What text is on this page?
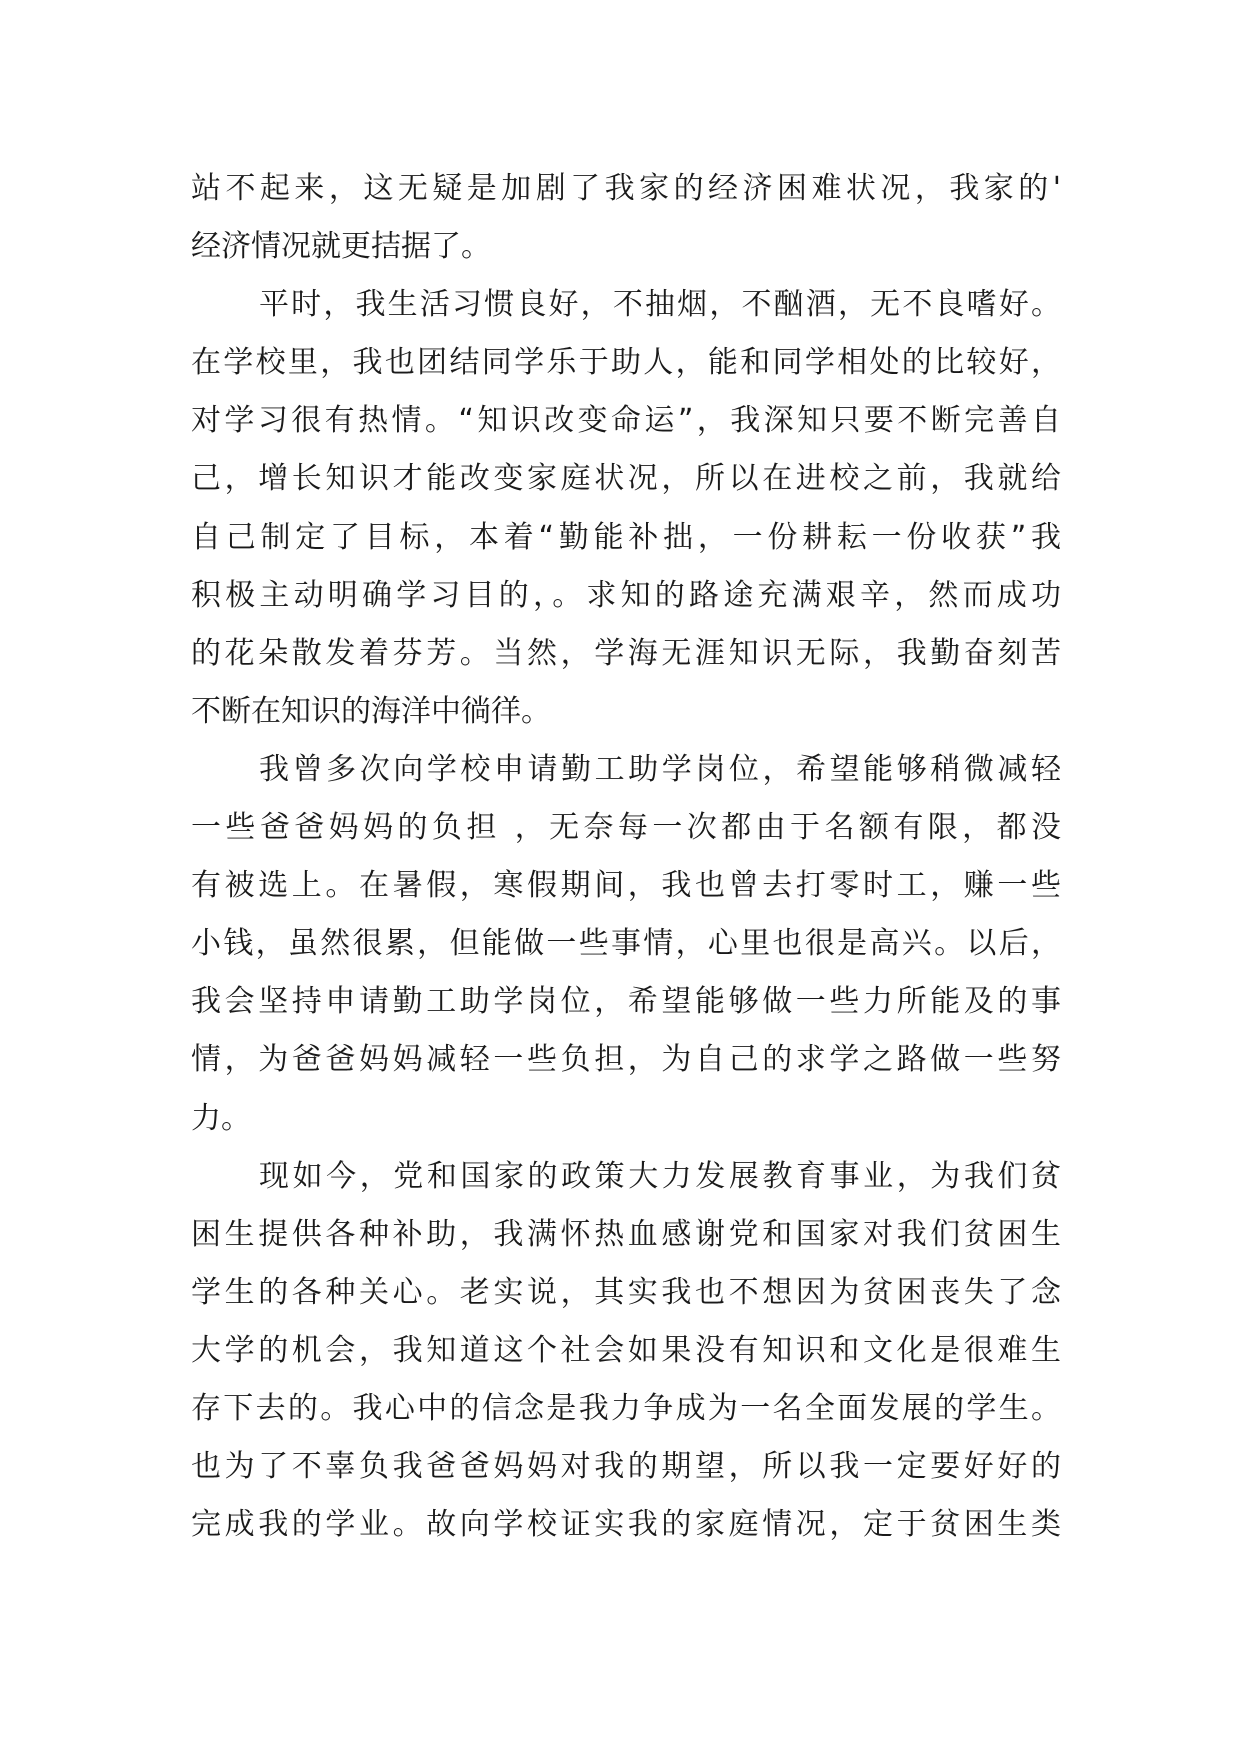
站不起来，这无疑是加剧了我家的经济困难状况，我家的'
经济情况就更拮据了。
平时，我生活习惯良好，不抽烟，不酗酒，无不良嗜好。
在学校里，我也团结同学乐于助人，能和同学相处的比较好，
对学习很有热情。“知识改变命运”，我深知只要不断完善自
己，增长知识才能改变家庭状况，所以在进校之前，我就给
自己制定了目标，本着“勤能补拙，一份耕耘一份收获”我
积极主动明确学习目的，。求知的路途充满艰辛，然而成功
的花朵散发着芬芳。当然，学海无涯知识无际，我勤奋刻苦
不断在知识的海洋中徜徉。
我曾多次向学校申请勤工助学岗位，希望能够稍微减轻
一些爸爸妈妈的负担 ，无奈每一次都由于名额有限，都没
有被选上。在暑假，寒假期间，我也曾去打零时工，赚一些
小钱，虽然很累，但能做一些事情，心里也很是高兴。以后，
我会坚持申请勤工助学岗位，希望能够做一些力所能及的事
情，为爸爸妈妈减轻一些负担，为自己的求学之路做一些努
力。
现如今，党和国家的政策大力发展教育事业，为我们贫
困生提供各种补助，我满怀热血感谢党和国家对我们贫困生
学生的各种关心。老实说，其实我也不想因为贫困丧失了念
大学的机会，我知道这个社会如果没有知识和文化是很难生
存下去的。我心中的信念是我力争成为一名全面发展的学生。
也为了不辜负我爸爸妈妈对我的期望，所以我一定要好好的
完成我的学业。故向学校证实我的家庭情况，定于贫困生类
